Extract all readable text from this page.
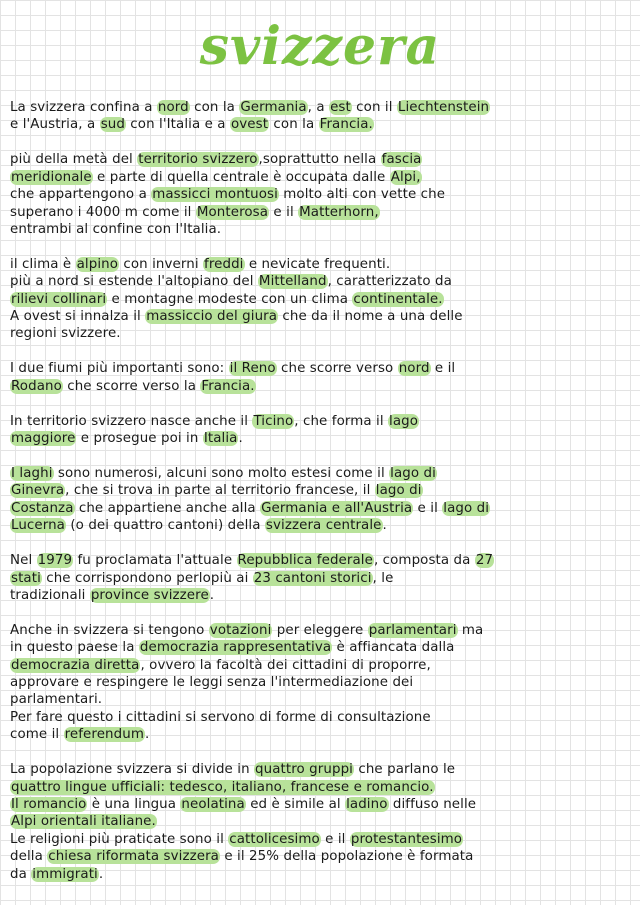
svizzera
La svizzera confina a nord con la Germania, a est con il Liechtenstein
e l'Austria, a sud con l'Italia e a ovest con la Francia.
più della metà del territorio svizzero,soprattutto nella fascia
meridionale e parte di quella centrale è occupata dalle Alpi,
che appartengono a massicci montuosi molto alti con vette che
superano i 4000 m come il Monterosa e il Matterhorn,
entrambi al confine con l'Italia.
il clima è alpino con inverni freddi e nevicate frequenti.
più a nord si estende l'altopiano del Mittelland, caratterizzato da
rilievi collinari e montagne modeste con un clima continentale.
A ovest si innalza il massiccio del giura che da il nome a una delle
regioni svizzere.
I due fiumi più importanti sono: il Reno che scorre verso nord e il
Rodano che scorre verso la Francia.
In territorio svizzero nasce anche il Ticino, che forma il lago
maggiore e prosegue poi in Italia.
I laghi sono numerosi, alcuni sono molto estesi come il lago di
Ginevra, che si trova in parte al territorio francese, il lago di
Costanza che appartiene anche alla Germania e all'Austria e il lago di
Lucerna (o dei quattro cantoni) della svizzera centrale.
Nel 1979 fu proclamata l'attuale Repubblica federale, composta da 27
stati che corrispondono perlopiù ai 23 cantoni storici, le
tradizionali province svizzere.
Anche in svizzera si tengono votazioni per eleggere parlamentari ma
in questo paese la democrazia rappresentativa è affiancata dalla
democrazia diretta, ovvero la facoltà dei cittadini di proporre,
approvare e respingere le leggi senza l'intermediazione dei
parlamentari.
Per fare questo i cittadini si servono di forme di consultazione
come il referendum.
La popolazione svizzera si divide in quattro gruppi che parlano le
quattro lingue ufficiali: tedesco, italiano, francese e romancio.
Il romancio è una lingua neolatina ed è simile al ladino diffuso nelle
Alpi orientali italiane.
Le religioni più praticate sono il cattolicesimo e il protestantesimo
della chiesa riformata svizzera e il 25% della popolazione è formata
da immigrati.
